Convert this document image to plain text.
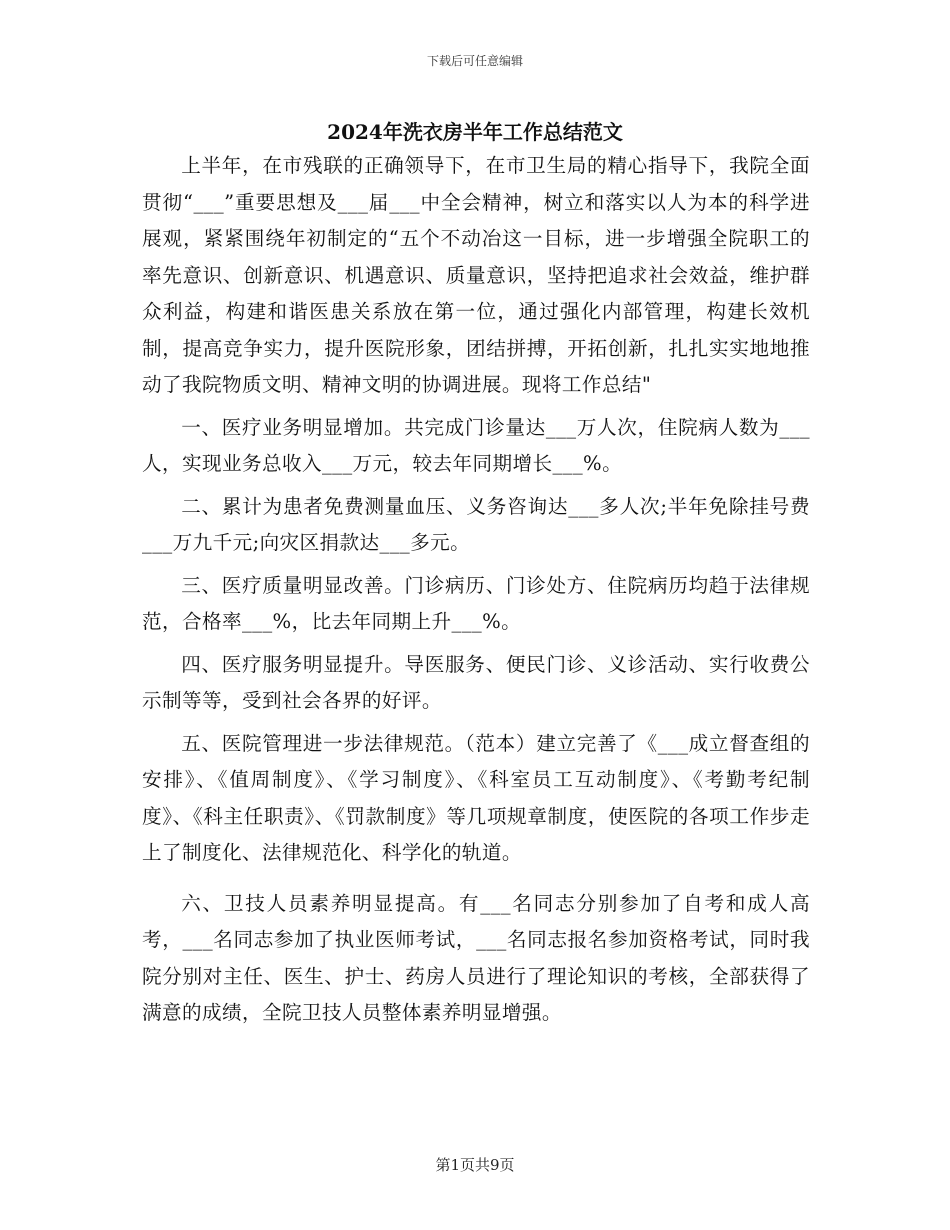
下载后可任意编辑
2024年洗衣房半年工作总结范文

上半年，在市残联的正确领导下，在市卫生局的精心指导下，我院全面贯彻“___”重要思想及___届___中全会精神，树立和落实以人为本的科学进展观，紧紧围绕年初制定的“五个不动冶这一目标，进一步增强全院职工的率先意识、创新意识、机遇意识、质量意识，坚持把追求社会效益，维护群众利益，构建和谐医患关系放在第一位，通过强化内部管理，构建长效机制，提高竞争实力，提升医院形象，团结拼搏，开拓创新，扎扎实实地地推动了我院物质文明、精神文明的协调进展。现将工作总结"

一、医疗业务明显增加。共完成门诊量达___万人次，住院病人数为___人，实现业务总收入___万元，较去年同期增长___%。

二、累计为患者免费测量血压、义务咨询达___多人次;半年免除挂号费___万九千元;向灾区捐款达___多元。

三、医疗质量明显改善。门诊病历、门诊处方、住院病历均趋于法律规范，合格率___%，比去年同期上升___%。

四、医疗服务明显提升。导医服务、便民门诊、义诊活动、实行收费公示制等等，受到社会各界的好评。

五、医院管理进一步法律规范。（范本）建立完善了《___成立督查组的安排》、《值周制度》、《学习制度》、《科室员工互动制度》、《考勤考纪制度》、《科主任职责》、《罚款制度》等几项规章制度，使医院的各项工作步走上了制度化、法律规范化、科学化的轨道。

六、卫技人员素养明显提高。有___名同志分别参加了自考和成人高考，___名同志参加了执业医师考试，___名同志报名参加资格考试，同时我院分别对主任、医生、护士、药房人员进行了理论知识的考核，全部获得了满意的成绩，全院卫技人员整体素养明显增强。

第1页共9页
